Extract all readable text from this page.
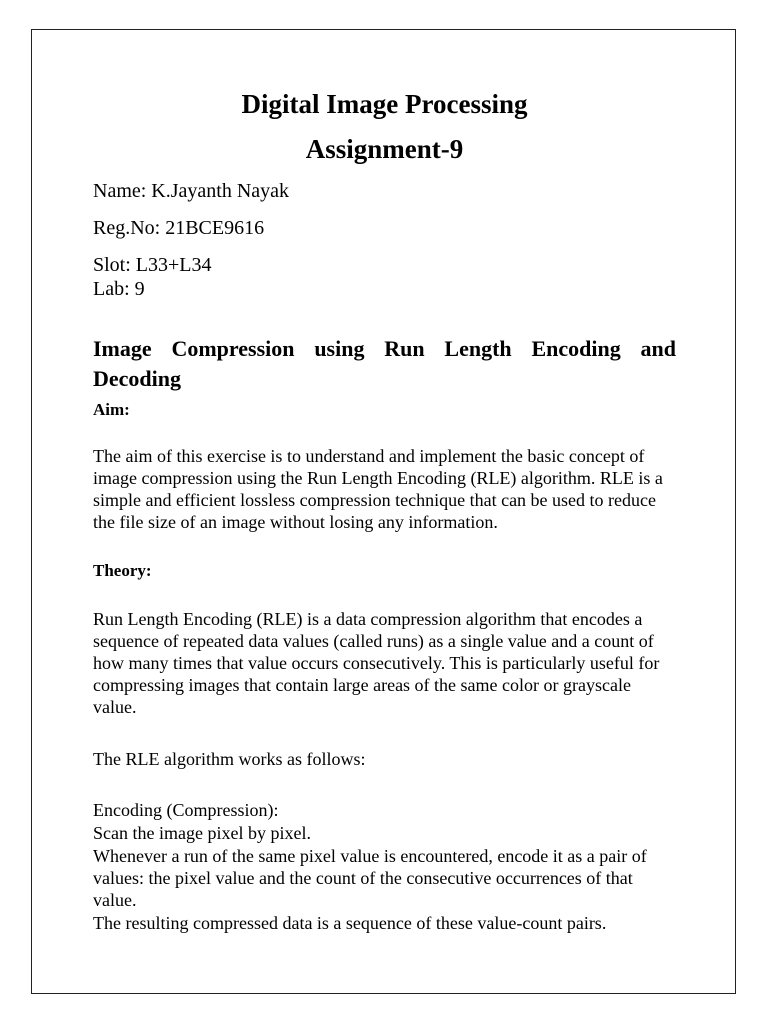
Digital Image Processing
Assignment-9

Name: K.Jayanth Nayak

Reg.No: 21BCE9616

Slot: L33+L34

Lab: 9

Image Compression using Run Length Encoding and Decoding

Aim:

The aim of this exercise is to understand and implement the basic concept of image compression using the Run Length Encoding (RLE) algorithm. RLE is a simple and efficient lossless compression technique that can be used to reduce the file size of an image without losing any information.

Theory:

Run Length Encoding (RLE) is a data compression algorithm that encodes a sequence of repeated data values (called runs) as a single value and a count of how many times that value occurs consecutively. This is particularly useful for compressing images that contain large areas of the same color or grayscale value.

The RLE algorithm works as follows:

Encoding (Compression):

Scan the image pixel by pixel.

Whenever a run of the same pixel value is encountered, encode it as a pair of values: the pixel value and the count of the consecutive occurrences of that value.

The resulting compressed data is a sequence of these value-count pairs.
